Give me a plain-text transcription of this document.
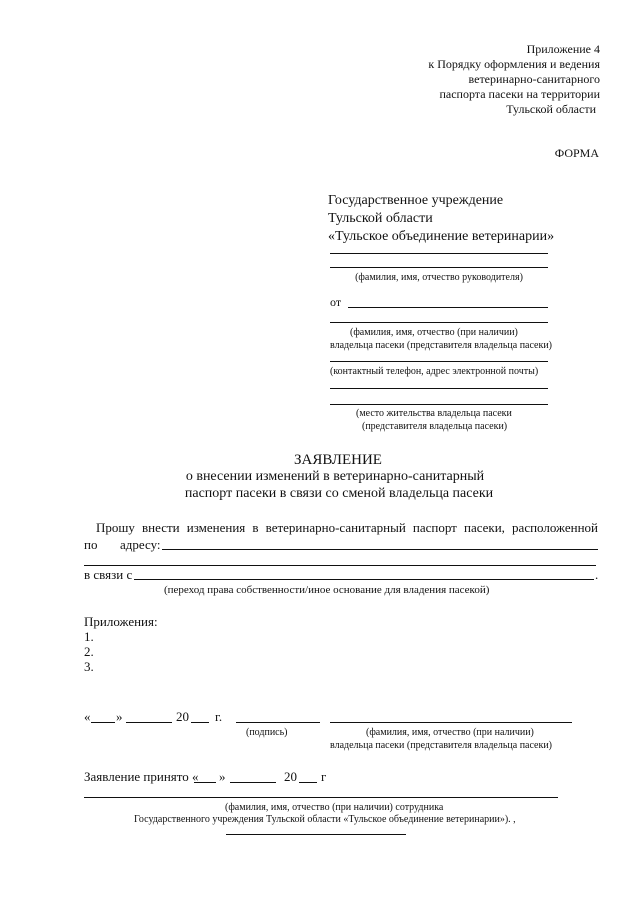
Приложение 4
к Порядку оформления и ведения
ветеринарно-санитарного
паспорта пасеки на территории
Тульской области
ФОРМА
Государственное учреждение
Тульской области
«Тульское объединение ветеринарии»
(фамилия, имя, отчество руководителя)
от
(фамилия, имя, отчество (при наличии)
владельца пасеки (представителя владельца пасеки)
(контактный телефон, адрес электронной почты)
(место жительства владельца пасеки
(представителя владельца пасеки)
ЗАЯВЛЕНИЕ
о внесении изменений в ветеринарно-санитарный
паспорт пасеки в связи со сменой владельца пасеки
Прошу внести изменения в ветеринарно-санитарный паспорт пасеки, расположенной
по адресу:
в связи с	.
(переход права собственности/иное основание для владения пасекой)
Приложения:
1.
2.
3.
« »	20 г.
(подпись)	(фамилия, имя, отчество (при наличии)
владельца пасеки (представителя владельца пасеки)
Заявление принято « »	20 г
(фамилия, имя, отчество (при наличии) сотрудника
Государственного учреждения Тульской области «Тульское объединение ветеринарии»). ,
